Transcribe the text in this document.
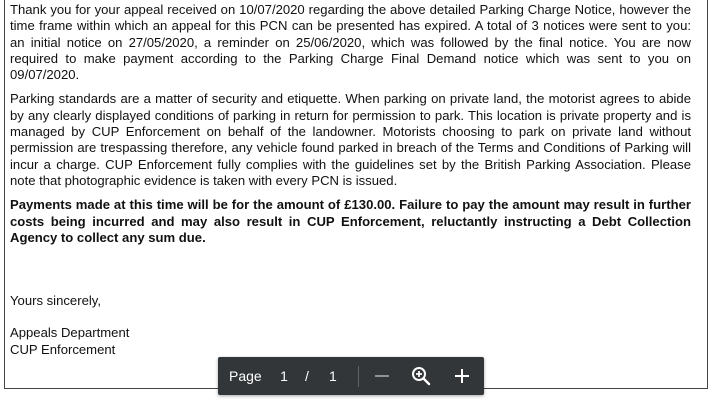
Thank you for your appeal received on 10/07/2020 regarding the above detailed Parking Charge Notice, however the time frame within which an appeal for this PCN can be presented has expired. A total of 3 notices were sent to you: an initial notice on 27/05/2020, a reminder on 25/06/2020, which was followed by the final notice. You are now required to make payment according to the Parking Charge Final Demand notice which was sent to you on 09/07/2020.

Parking standards are a matter of security and etiquette. When parking on private land, the motorist agrees to abide by any clearly displayed conditions of parking in return for permission to park. This location is private property and is managed by CUP Enforcement on behalf of the landowner. Motorists choosing to park on private land without permission are trespassing therefore, any vehicle found parked in breach of the Terms and Conditions of Parking will incur a charge. CUP Enforcement fully complies with the guidelines set by the British Parking Association. Please note that photographic evidence is taken with every PCN is issued.

Payments made at this time will be for the amount of £130.00. Failure to pay the amount may result in further costs being incurred and may also result in CUP Enforcement, reluctantly instructing a Debt Collection Agency to collect any sum due.

Yours sincerely,

Appeals Department

CUP Enforcement

Page 1 / 1
